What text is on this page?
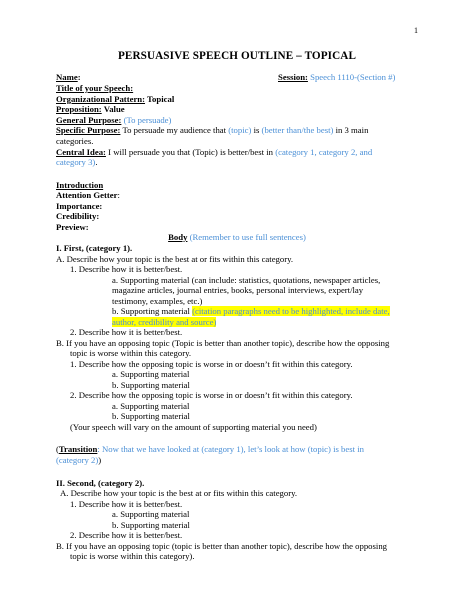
1
PERSUASIVE SPEECH OUTLINE – TOPICAL
Name:	Session: Speech 1110-(Section #)
Title of your Speech:
Organizational Pattern: Topical
Proposition: Value
General Purpose: (To persuade)
Specific Purpose: To persuade my audience that (topic) is (better than/the best) in 3 main
categories.
Central Idea: I will persuade you that (Topic) is better/best in (category 1, category 2, and
category 3).
Introduction
Attention Getter:
Importance:
Credibility:
Preview:
Body (Remember to use full sentences)
I. First, (category 1).
A. Describe how your topic is the best at or fits within this category.
1. Describe how it is better/best.
a. Supporting material (can include: statistics, quotations, newspaper articles,
magazine articles, journal entries, books, personal interviews, expert/lay
testimony, examples, etc.)
b. Supporting material (citation paragraphs need to be highlighted, include date,
author, credibility and source)
2. Describe how it is better/best.
B. If you have an opposing topic (Topic is better than another topic), describe how the opposing
topic is worse within this category.
1. Describe how the opposing topic is worse in or doesn’t fit within this category.
a. Supporting material
b. Supporting material
2. Describe how the opposing topic is worse in or doesn’t fit within this category.
a. Supporting material
b. Supporting material
(Your speech will vary on the amount of supporting material you need)
(Transition: Now that we have looked at (category 1), let’s look at how (topic) is best in
(category 2))
II. Second, (category 2).
A. Describe how your topic is the best at or fits within this category.
1. Describe how it is better/best.
a. Supporting material
b. Supporting material
2. Describe how it is better/best.
B. If you have an opposing topic (topic is better than another topic), describe how the opposing
topic is worse within this category).
